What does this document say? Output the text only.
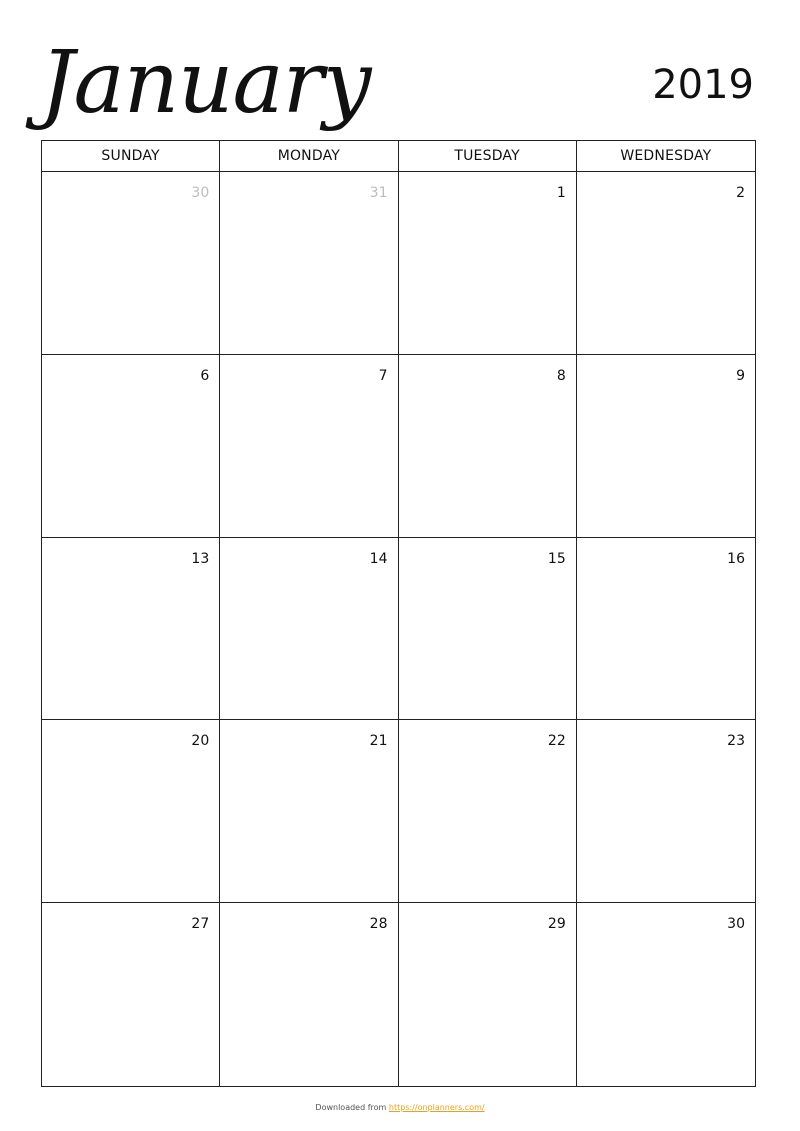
January	2019
SUNDAY	MONDAY	TUESDAY	WEDNESDAY
30	31	1	2
6	7	8	9
13	14	15	16
20	21	22	23
27	28	29	30
Downloaded from https://onplanners.com/
